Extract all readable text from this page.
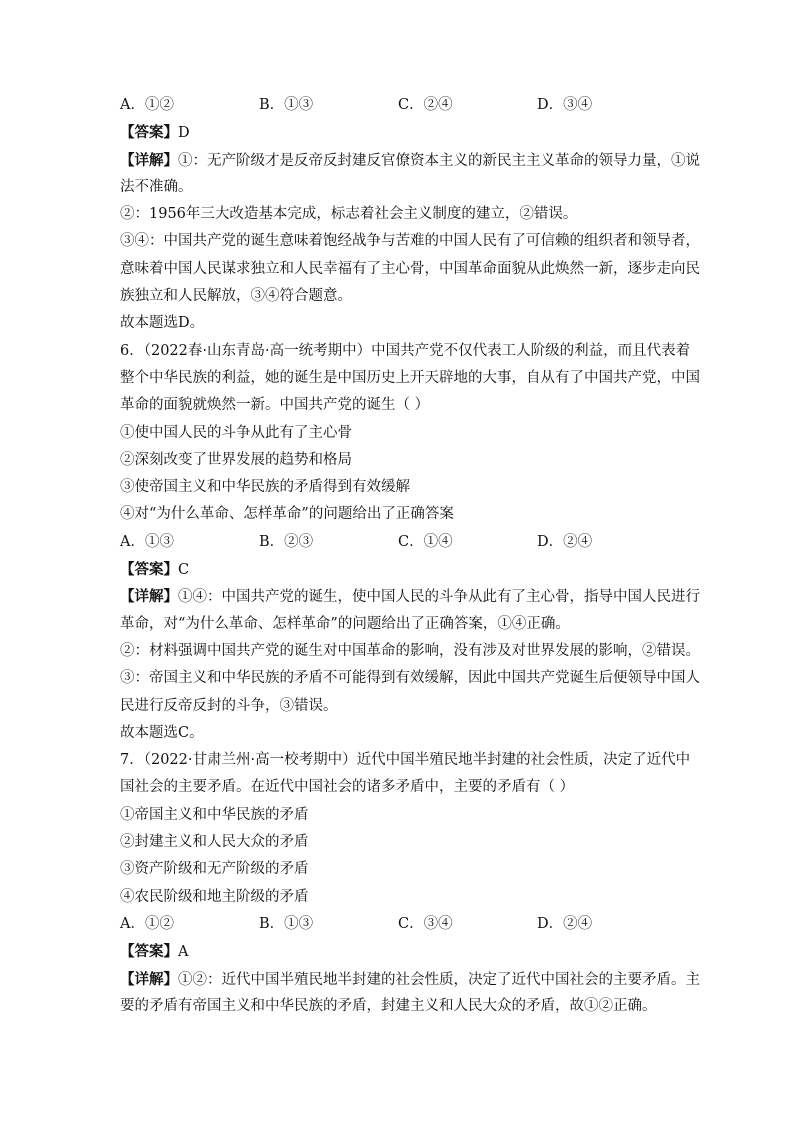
A．①②	B．①③	C．②④	D．③④
【答案】D
【详解】①：无产阶级才是反帝反封建反官僚资本主义的新民主主义革命的领导力量，①说
法不准确。
②：1956年三大改造基本完成，标志着社会主义制度的建立，②错误。
③④：中国共产党的诞生意味着饱经战争与苦难的中国人民有了可信赖的组织者和领导者，
意味着中国人民谋求独立和人民幸福有了主心骨，中国革命面貌从此焕然一新，逐步走向民
族独立和人民解放，③④符合题意。
故本题选D。
6．（2022春·山东青岛·高一统考期中）中国共产党不仅代表工人阶级的利益，而且代表着
整个中华民族的利益，她的诞生是中国历史上开天辟地的大事，自从有了中国共产党，中国
革命的面貌就焕然一新。中国共产党的诞生（ ）
①使中国人民的斗争从此有了主心骨
②深刻改变了世界发展的趋势和格局
③使帝国主义和中华民族的矛盾得到有效缓解
④对“为什么革命、怎样革命”的问题给出了正确答案
A．①③	B．②③	C．①④	D．②④
【答案】C
【详解】①④：中国共产党的诞生，使中国人民的斗争从此有了主心骨，指导中国人民进行
革命，对“为什么革命、怎样革命”的问题给出了正确答案，①④正确。
②：材料强调中国共产党的诞生对中国革命的影响，没有涉及对世界发展的影响，②错误。
③：帝国主义和中华民族的矛盾不可能得到有效缓解，因此中国共产党诞生后便领导中国人
民进行反帝反封的斗争，③错误。
故本题选C。
7．（2022·甘肃兰州·高一校考期中）近代中国半殖民地半封建的社会性质，决定了近代中
国社会的主要矛盾。在近代中国社会的诸多矛盾中，主要的矛盾有（ ）
①帝国主义和中华民族的矛盾
②封建主义和人民大众的矛盾
③资产阶级和无产阶级的矛盾
④农民阶级和地主阶级的矛盾
A．①②	B．①③	C．③④	D．②④
【答案】A
【详解】①②：近代中国半殖民地半封建的社会性质，决定了近代中国社会的主要矛盾。主
要的矛盾有帝国主义和中华民族的矛盾，封建主义和人民大众的矛盾，故①②正确。
